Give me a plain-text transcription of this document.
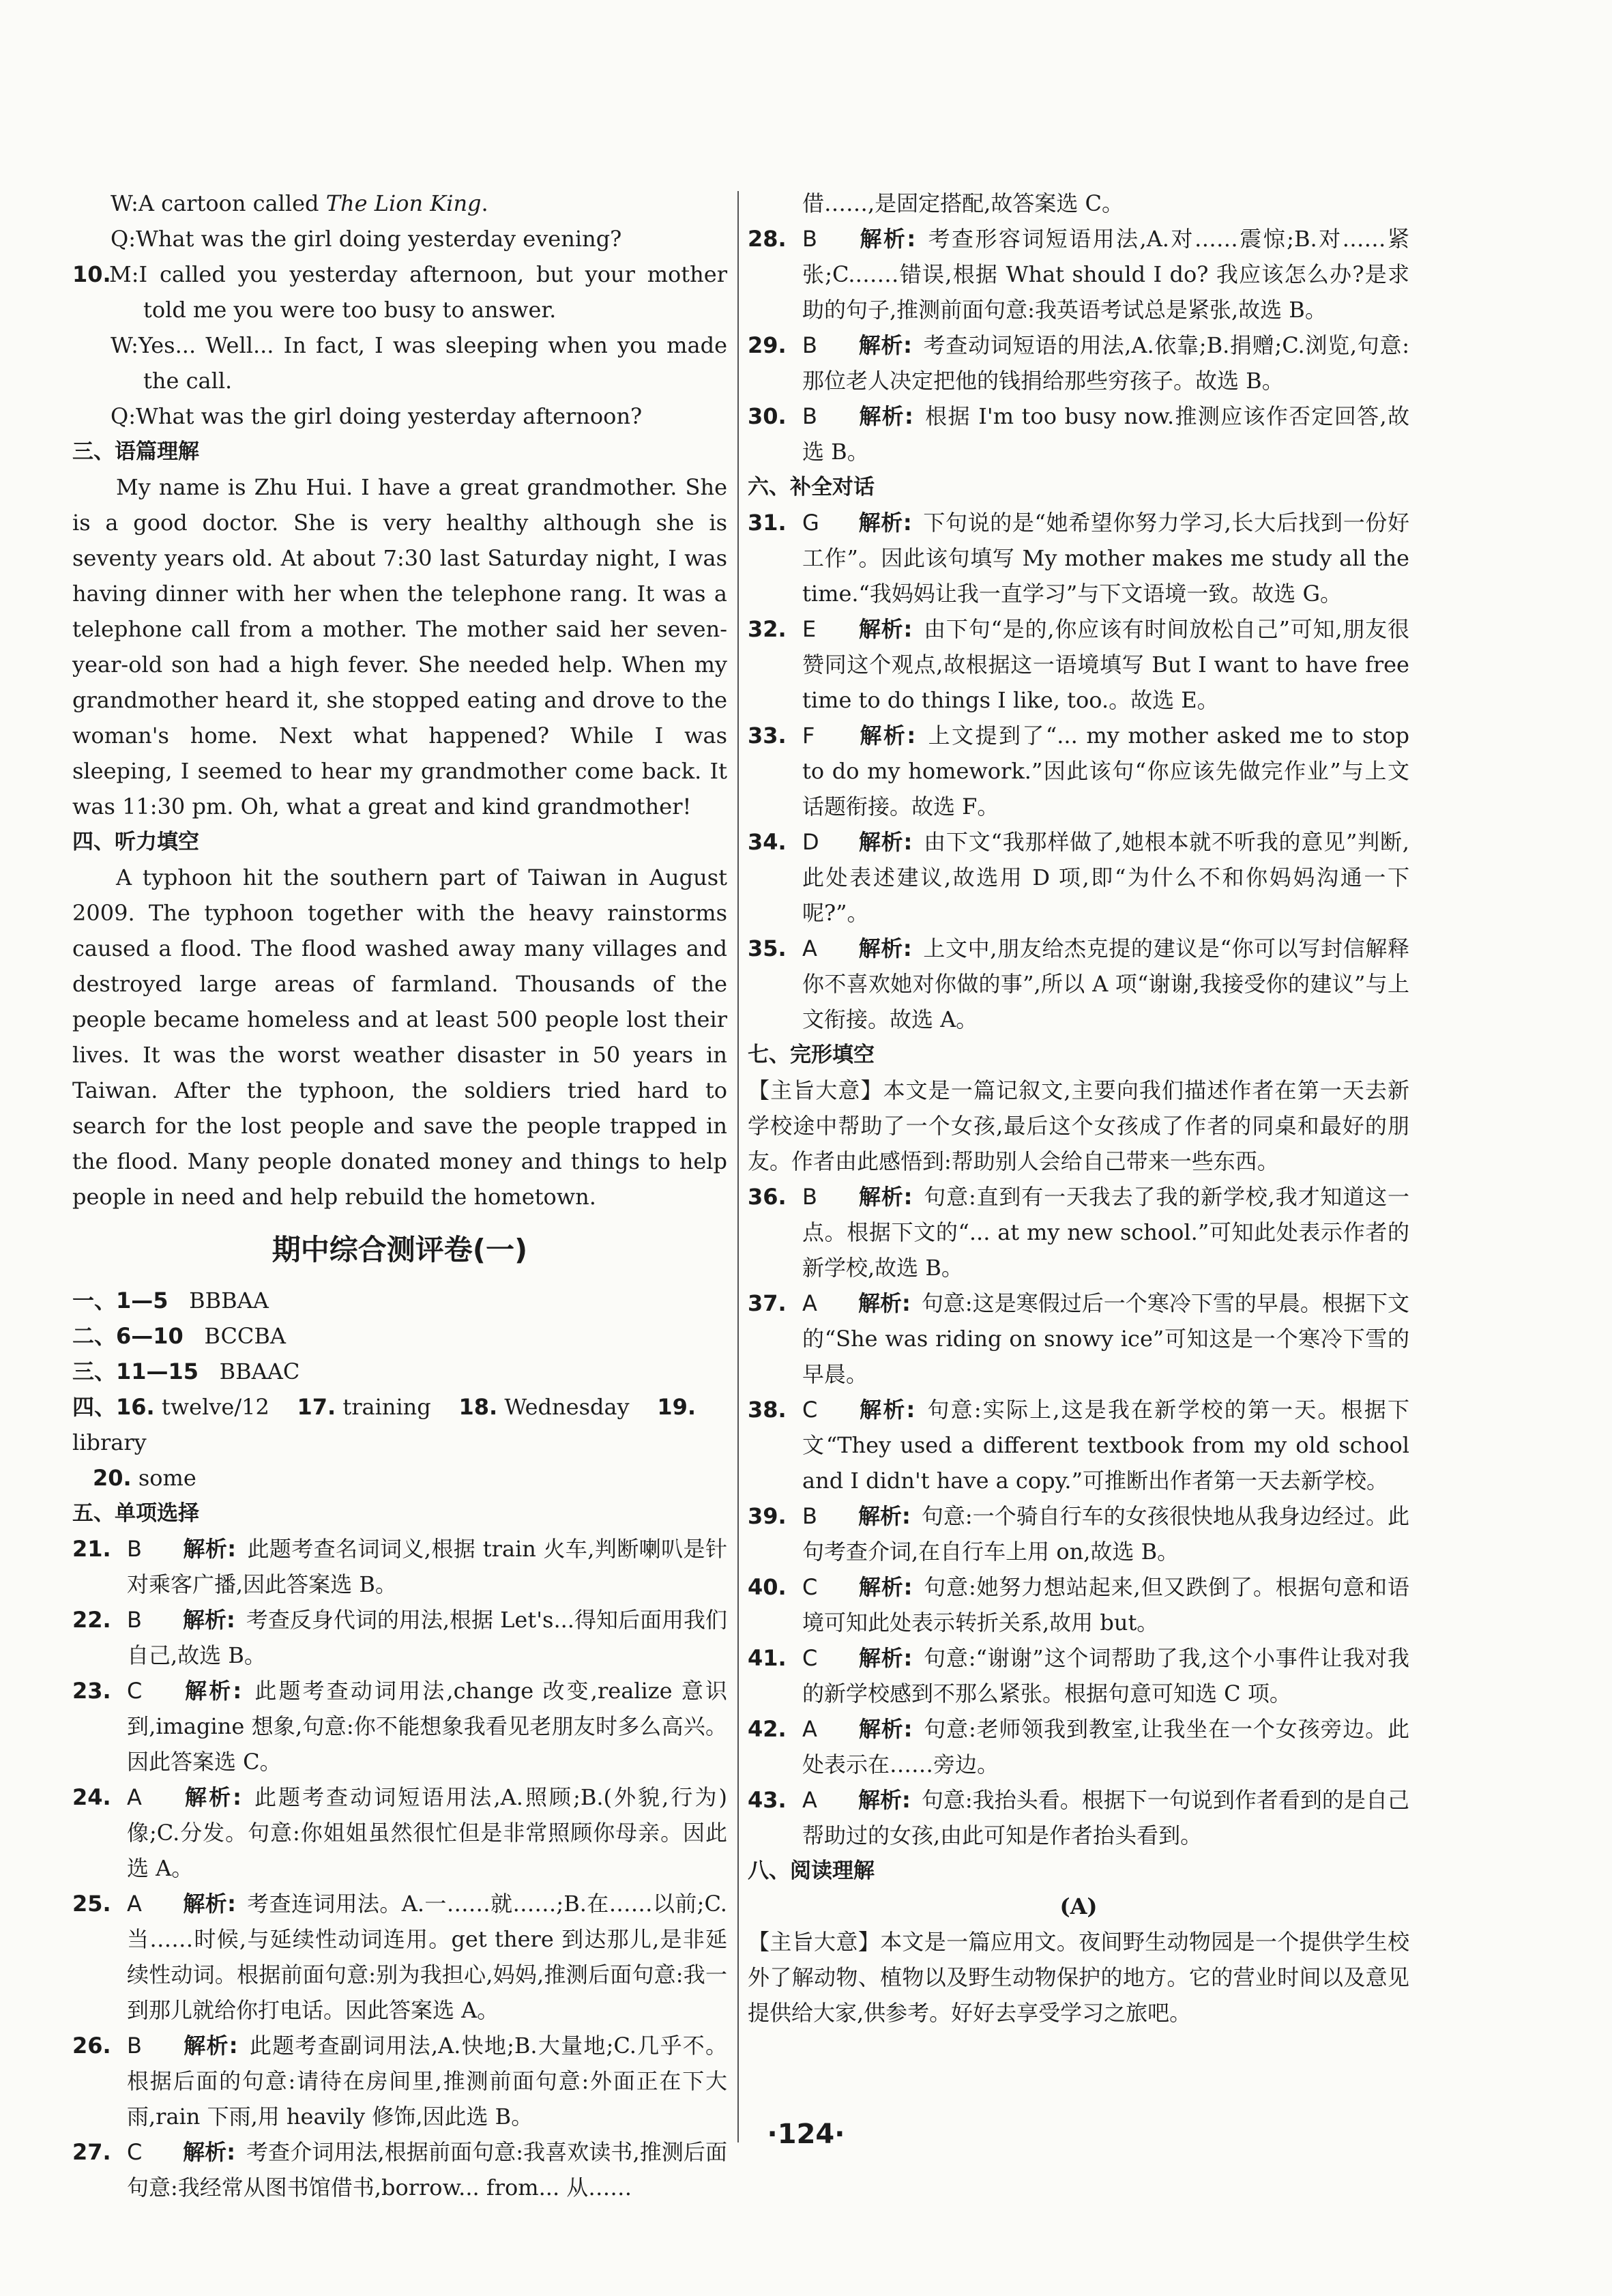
W:A cartoon called The Lion King.

Q:What was the girl doing yesterday evening?

10.M:I called you yesterday afternoon, but your mother told me you were too busy to answer.

W:Yes... Well... In fact, I was sleeping when you made the call.

Q:What was the girl doing yesterday afternoon?

三、语篇理解

My name is Zhu Hui. I have a great grandmother. She is a good doctor. She is very healthy although she is seventy years old. At about 7:30 last Saturday night, I was having dinner with her when the telephone rang. It was a telephone call from a mother. The mother said her seven-year-old son had a high fever. She needed help. When my grandmother heard it, she stopped eating and drove to the woman's home. Next what happened? While I was sleeping, I seemed to hear my grandmother come back. It was 11:30 pm. Oh, what a great and kind grandmother!

四、听力填空

A typhoon hit the southern part of Taiwan in August 2009. The typhoon together with the heavy rainstorms caused a flood. The flood washed away many villages and destroyed large areas of farmland. Thousands of the people became homeless and at least 500 people lost their lives. It was the worst weather disaster in 50 years in Taiwan. After the typhoon, the soldiers tried hard to search for the lost people and save the people trapped in the flood. Many people donated money and things to help people in need and help rebuild the hometown.

期中综合测评卷(一)

一、1—5 BBBAA

二、6—10 BCCBA

三、11—15 BBAAC

四、16. twelve/12 17. training 18. Wednesday 19. library

20. some

五、单项选择

21. B 解析: 此题考查名词词义,根据 train 火车,判断喇叭是针对乘客广播,因此答案选 B。

22. B 解析: 考查反身代词的用法,根据 Let's...得知后面用我们自己,故选 B。

23. C 解析: 此题考查动词用法,change 改变,realize 意识到,imagine 想象,句意:你不能想象我看见老朋友时多么高兴。因此答案选 C。

24. A 解析: 此题考查动词短语用法,A.照顾;B.(外貌,行为)像;C.分发。句意:你姐姐虽然很忙但是非常照顾你母亲。因此选 A。

25. A 解析: 考查连词用法。A.一……就……;B.在……以前;C.当……时候,与延续性动词连用。get there 到达那儿,是非延续性动词。根据前面句意:别为我担心,妈妈,推测后面句意:我一到那儿就给你打电话。因此答案选 A。

26. B 解析: 此题考查副词用法,A.快地;B.大量地;C.几乎不。根据后面的句意:请待在房间里,推测前面句意:外面正在下大雨,rain 下雨,用 heavily 修饰,因此选 B。

27. C 解析: 考查介词用法,根据前面句意:我喜欢读书,推测后面句意:我经常从图书馆借书,borrow... from... 从……

借……,是固定搭配,故答案选 C。

28. B 解析: 考查形容词短语用法,A.对……震惊;B.对……紧张;C.……错误,根据 What should I do? 我应该怎么办?是求助的句子,推测前面句意:我英语考试总是紧张,故选 B。

29. B 解析: 考查动词短语的用法,A.依靠;B.捐赠;C.浏览,句意:那位老人决定把他的钱捐给那些穷孩子。故选 B。

30. B 解析: 根据 I'm too busy now.推测应该作否定回答,故选 B。

六、补全对话

31. G 解析: 下句说的是“她希望你努力学习,长大后找到一份好工作”。因此该句填写 My mother makes me study all the time.“我妈妈让我一直学习”与下文语境一致。故选 G。

32. E 解析: 由下句“是的,你应该有时间放松自己”可知,朋友很赞同这个观点,故根据这一语境填写 But I want to have free time to do things I like, too.。故选 E。

33. F 解析: 上文提到了“... my mother asked me to stop to do my homework.”因此该句“你应该先做完作业”与上文话题衔接。故选 F。

34. D 解析: 由下文“我那样做了,她根本就不听我的意见”判断,此处表述建议,故选用 D 项,即“为什么不和你妈妈沟通一下呢?”。

35. A 解析: 上文中,朋友给杰克提的建议是“你可以写封信解释你不喜欢她对你做的事”,所以 A 项“谢谢,我接受你的建议”与上文衔接。故选 A。

七、完形填空

【主旨大意】本文是一篇记叙文,主要向我们描述作者在第一天去新学校途中帮助了一个女孩,最后这个女孩成了作者的同桌和最好的朋友。作者由此感悟到:帮助别人会给自己带来一些东西。

36. B 解析: 句意:直到有一天我去了我的新学校,我才知道这一点。根据下文的“... at my new school.”可知此处表示作者的新学校,故选 B。

37. A 解析: 句意:这是寒假过后一个寒冷下雪的早晨。根据下文的“She was riding on snowy ice”可知这是一个寒冷下雪的早晨。

38. C 解析: 句意:实际上,这是我在新学校的第一天。根据下文“They used a different textbook from my old school and I didn't have a copy.”可推断出作者第一天去新学校。

39. B 解析: 句意:一个骑自行车的女孩很快地从我身边经过。此句考查介词,在自行车上用 on,故选 B。

40. C 解析: 句意:她努力想站起来,但又跌倒了。根据句意和语境可知此处表示转折关系,故用 but。

41. C 解析: 句意:“谢谢”这个词帮助了我,这个小事件让我对我的新学校感到不那么紧张。根据句意可知选 C 项。

42. A 解析: 句意:老师领我到教室,让我坐在一个女孩旁边。此处表示在……旁边。

43. A 解析: 句意:我抬头看。根据下一句说到作者看到的是自己帮助过的女孩,由此可知是作者抬头看到。

八、阅读理解

(A)

【主旨大意】本文是一篇应用文。夜间野生动物园是一个提供学生校外了解动物、植物以及野生动物保护的地方。它的营业时间以及意见提供给大家,供参考。好好去享受学习之旅吧。

·124·
